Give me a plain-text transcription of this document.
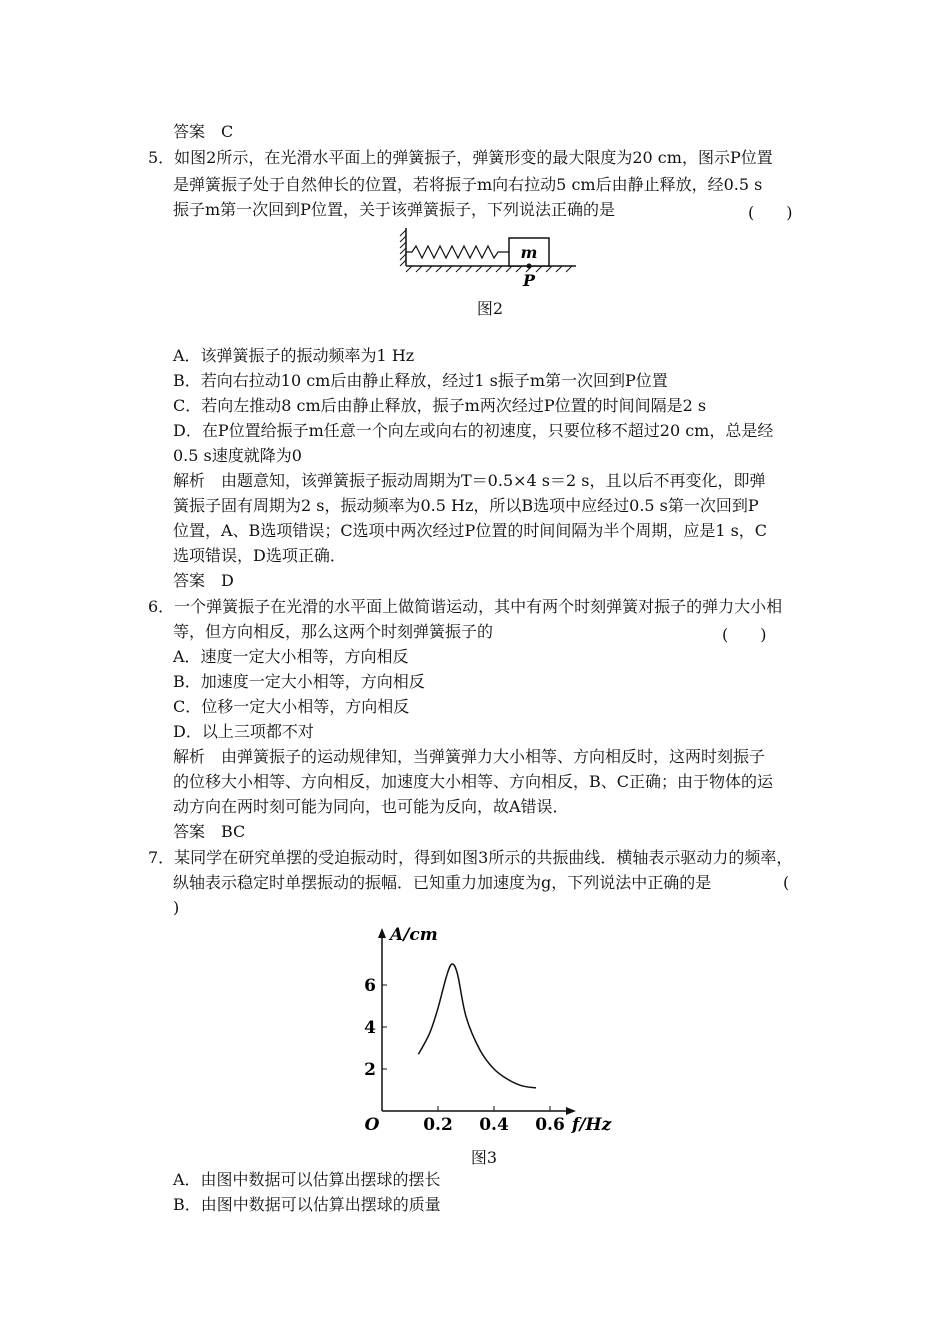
答案　C
5．如图2所示，在光滑水平面上的弹簧振子，弹簧形变的最大限度为20 cm，图示P位置
是弹簧振子处于自然伸长的位置，若将振子m向右拉动5 cm后由静止释放，经0.5 s
振子m第一次回到P位置，关于该弹簧振子，下列说法正确的是	(　　)
m
P
图2
A．该弹簧振子的振动频率为1 Hz
B．若向右拉动10 cm后由静止释放，经过1 s振子m第一次回到P位置
C．若向左推动8 cm后由静止释放，振子m两次经过P位置的时间间隔是2 s
D．在P位置给振子m任意一个向左或向右的初速度，只要位移不超过20 cm，总是经
0.5 s速度就降为0
解析　由题意知，该弹簧振子振动周期为T＝0.5×4 s＝2 s，且以后不再变化，即弹
簧振子固有周期为2 s，振动频率为0.5 Hz，所以B选项中应经过0.5 s第一次回到P
位置，A、B选项错误；C选项中两次经过P位置的时间间隔为半个周期，应是1 s，C
选项错误，D选项正确．
答案　D
6．一个弹簧振子在光滑的水平面上做简谐运动，其中有两个时刻弹簧对振子的弹力大小相
等，但方向相反，那么这两个时刻弹簧振子的	(　　)
A．速度一定大小相等，方向相反
B．加速度一定大小相等，方向相反
C．位移一定大小相等，方向相反
D．以上三项都不对
解析　由弹簧振子的运动规律知，当弹簧弹力大小相等、方向相反时，这两时刻振子
的位移大小相等、方向相反，加速度大小相等、方向相反，B、C正确；由于物体的运
动方向在两时刻可能为同向，也可能为反向，故A错误．
答案　BC
7．某同学在研究单摆的受迫振动时，得到如图3所示的共振曲线．横轴表示驱动力的频率，
纵轴表示稳定时单摆振动的振幅．已知重力加速度为g，下列说法中正确的是	(
)
A/cm
f/Hz
O	0.2 0.4 0.6
2
4
6
图3
A．由图中数据可以估算出摆球的摆长
B．由图中数据可以估算出摆球的质量
